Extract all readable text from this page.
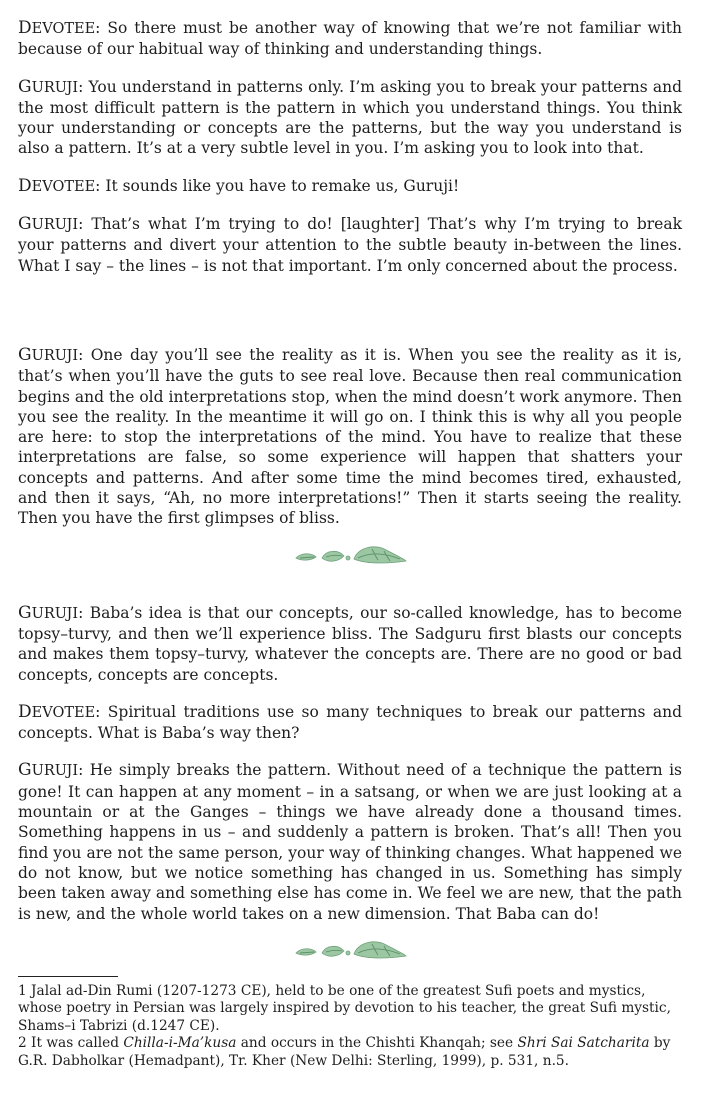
DEVOTEE: So there must be another way of knowing that we’re not familiar with because of our habitual way of thinking and understanding things.

GURUJI: You understand in patterns only. I’m asking you to break your patterns and the most difficult pattern is the pattern in which you understand things. You think your understanding or concepts are the patterns, but the way you understand is also a pattern. It’s at a very subtle level in you. I’m asking you to look into that.

DEVOTEE: It sounds like you have to remake us, Guruji!

GURUJI: That’s what I’m trying to do! [laughter] That’s why I’m trying to break your patterns and divert your attention to the subtle beauty in-between the lines. What I say – the lines – is not that important. I’m only concerned about the process.

GURUJI: One day you’ll see the reality as it is. When you see the reality as it is, that’s when you’ll have the guts to see real love. Because then real communication begins and the old interpretations stop, when the mind doesn’t work anymore. Then you see the reality. In the meantime it will go on. I think this is why all you people are here: to stop the interpretations of the mind. You have to realize that these interpretations are false, so some experience will happen that shatters your concepts and patterns. And after some time the mind becomes tired, exhausted, and then it says, “Ah, no more interpretations!” Then it starts seeing the reality. Then you have the first glimpses of bliss.

GURUJI: Baba’s idea is that our concepts, our so-called knowledge, has to become topsy–turvy, and then we’ll experience bliss. The Sadguru first blasts our concepts and makes them topsy–turvy, whatever the concepts are. There are no good or bad concepts, concepts are concepts.

DEVOTEE: Spiritual traditions use so many techniques to break our patterns and concepts. What is Baba’s way then?

GURUJI: He simply breaks the pattern. Without need of a technique the pattern is gone! It can happen at any moment – in a satsang, or when we are just looking at a mountain or at the Ganges – things we have already done a thousand times. Something happens in us – and suddenly a pattern is broken. That’s all! Then you find you are not the same person, your way of thinking changes. What happened we do not know, but we notice something has changed in us. Something has simply been taken away and something else has come in. We feel we are new, that the path is new, and the whole world takes on a new dimension. That Baba can do!

1 Jalal ad-Din Rumi (1207-1273 CE), held to be one of the greatest Sufi poets and mystics, whose poetry in Persian was largely inspired by devotion to his teacher, the great Sufi mystic, Shams–i Tabrizi (d.1247 CE).

2 It was called Chilla-i-Ma’kusa and occurs in the Chishti Khanqah; see Shri Sai Satcharita by G.R. Dabholkar (Hemadpant), Tr. Kher (New Delhi: Sterling, 1999), p. 531, n.5.
